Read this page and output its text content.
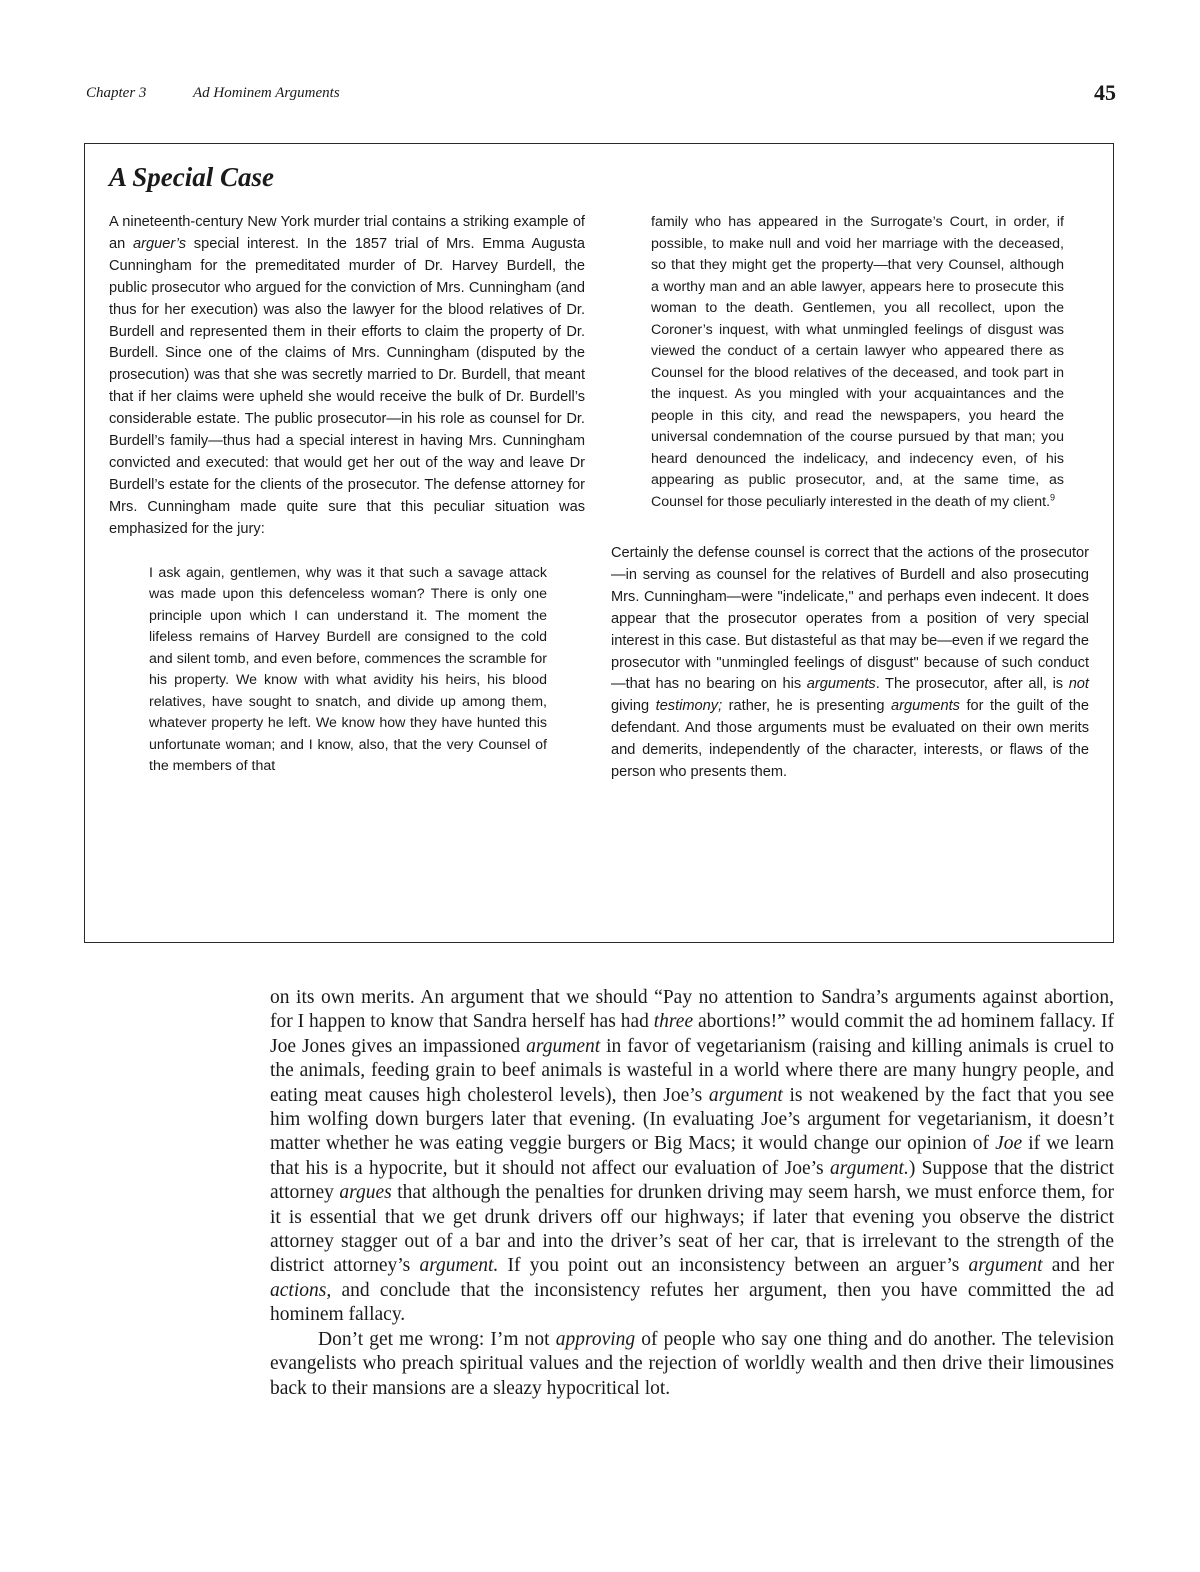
Chapter 3	Ad Hominem Arguments	45
A Special Case

A nineteenth-century New York murder trial contains a striking example of an arguer’s special interest. In the 1857 trial of Mrs. Emma Augusta Cunningham for the premeditated murder of Dr. Harvey Burdell, the public prosecutor who argued for the conviction of Mrs. Cunningham (and thus for her execution) was also the lawyer for the blood relatives of Dr. Burdell and represented them in their efforts to claim the property of Dr. Burdell. Since one of the claims of Mrs. Cunningham (disputed by the prosecution) was that she was secretly married to Dr. Burdell, that meant that if her claims were upheld she would receive the bulk of Dr. Burdell’s considerable estate. The public prosecutor—in his role as counsel for Dr. Burdell’s family—thus had a special interest in having Mrs. Cunningham convicted and executed: that would get her out of the way and leave Dr Burdell’s estate for the clients of the prosecutor. The defense attorney for Mrs. Cunningham made quite sure that this peculiar situation was emphasized for the jury:

I ask again, gentlemen, why was it that such a savage attack was made upon this defenceless woman? There is only one principle upon which I can understand it. The moment the lifeless remains of Harvey Burdell are consigned to the cold and silent tomb, and even before, commences the scramble for his property. We know with what avidity his heirs, his blood relatives, have sought to snatch, and divide up among them, whatever property he left. We know how they have hunted this unfortunate woman; and I know, also, that the very Counsel of the members of that

family who has appeared in the Surrogate’s Court, in order, if possible, to make null and void her marriage with the deceased, so that they might get the property—that very Counsel, although a worthy man and an able lawyer, appears here to prosecute this woman to the death. Gentlemen, you all recollect, upon the Coroner’s inquest, with what unmingled feelings of disgust was viewed the conduct of a certain lawyer who appeared there as Counsel for the blood relatives of the deceased, and took part in the inquest. As you mingled with your acquaintances and the people in this city, and read the newspapers, you heard the universal condemnation of the course pursued by that man; you heard denounced the indelicacy, and indecency even, of his appearing as public prosecutor, and, at the same time, as Counsel for those peculiarly interested in the death of my client.$^9$

Certainly the defense counsel is correct that the actions of the prosecutor—in serving as counsel for the relatives of Burdell and also prosecuting Mrs. Cunningham—were "indelicate," and perhaps even indecent. It does appear that the prosecutor operates from a position of very special interest in this case. But distasteful as that may be—even if we regard the prosecutor with "unmingled feelings of disgust" because of such conduct—that has no bearing on his arguments. The prosecutor, after all, is not giving testimony; rather, he is presenting arguments for the guilt of the defendant. And those arguments must be evaluated on their own merits and demerits, independently of the character, interests, or flaws of the person who presents them.

on its own merits. An argument that we should “Pay no attention to Sandra’s arguments against abortion, for I happen to know that Sandra herself has had three abortions!” would commit the ad hominem fallacy. If Joe Jones gives an impassioned argument in favor of vegetarianism (raising and killing animals is cruel to the animals, feeding grain to beef animals is wasteful in a world where there are many hungry people, and eating meat causes high cholesterol levels), then Joe’s argument is not weakened by the fact that you see him wolfing down burgers later that evening. (In evaluating Joe’s argument for vegetarianism, it doesn’t matter whether he was eating veggie burgers or Big Macs; it would change our opinion of Joe if we learn that his is a hypocrite, but it should not affect our evaluation of Joe’s argument.) Suppose that the district attorney argues that although the penalties for drunken driving may seem harsh, we must enforce them, for it is essential that we get drunk drivers off our highways; if later that evening you observe the district attorney stagger out of a bar and into the driver’s seat of her car, that is irrelevant to the strength of the district attorney’s argument. If you point out an inconsistency between an arguer’s argument and her actions, and conclude that the inconsistency refutes her argument, then you have committed the ad hominem fallacy.

Don’t get me wrong: I’m not approving of people who say one thing and do another. The television evangelists who preach spiritual values and the rejection of worldly wealth and then drive their limousines back to their mansions are a sleazy hypocritical lot.
